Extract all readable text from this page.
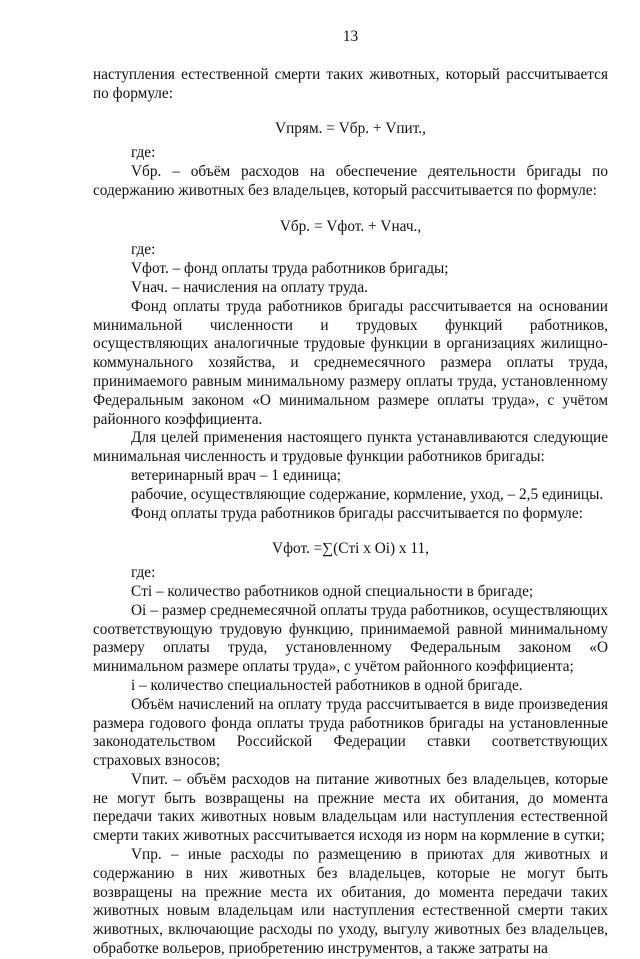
13

наступления естественной смерти таких животных, который рассчитывается по формуле:

Vпрям. = Vбр. + Vпит.,

где:

Vбр. – объём расходов на обеспечение деятельности бригады по содержанию животных без владельцев, который рассчитывается по формуле:

Vбр. = Vфот. + Vнач.,

где:

Vфот. – фонд оплаты труда работников бригады;

Vнач. – начисления на оплату труда.

Фонд оплаты труда работников бригады рассчитывается на основании минимальной численности и трудовых функций работников, осуществляющих аналогичные трудовые функции в организациях жилищно-коммунального хозяйства, и среднемесячного размера оплаты труда, принимаемого равным минимальному размеру оплаты труда, установленному Федеральным законом «О минимальном размере оплаты труда», с учётом районного коэффициента.

Для целей применения настоящего пункта устанавливаются следующие минимальная численность и трудовые функции работников бригады:

ветеринарный врач – 1 единица;

рабочие, осуществляющие содержание, кормление, уход, – 2,5 единицы.

Фонд оплаты труда работников бригады рассчитывается по формуле:

Vфот. =∑(Cтi х Оi) х 11,

где:

Cтi – количество работников одной специальности в бригаде;

Оi – размер среднемесячной оплаты труда работников, осуществляющих соответствующую трудовую функцию, принимаемой равной минимальному размеру оплаты труда, установленному Федеральным законом «О минимальном размере оплаты труда», с учётом районного коэффициента;

i – количество специальностей работников в одной бригаде.

Объём начислений на оплату труда рассчитывается в виде произведения размера годового фонда оплаты труда работников бригады на установленные законодательством Российской Федерации ставки соответствующих страховых взносов;

Vпит. – объём расходов на питание животных без владельцев, которые не могут быть возвращены на прежние места их обитания, до момента передачи таких животных новым владельцам или наступления естественной смерти таких животных рассчитывается исходя из норм на кормление в сутки;

Vпр. – иные расходы по размещению в приютах для животных и содержанию в них животных без владельцев, которые не могут быть возвращены на прежние места их обитания, до момента передачи таких животных новым владельцам или наступления естественной смерти таких животных, включающие расходы по уходу, выгулу животных без владельцев, обработке вольеров, приобретению инструментов, а также затраты на
